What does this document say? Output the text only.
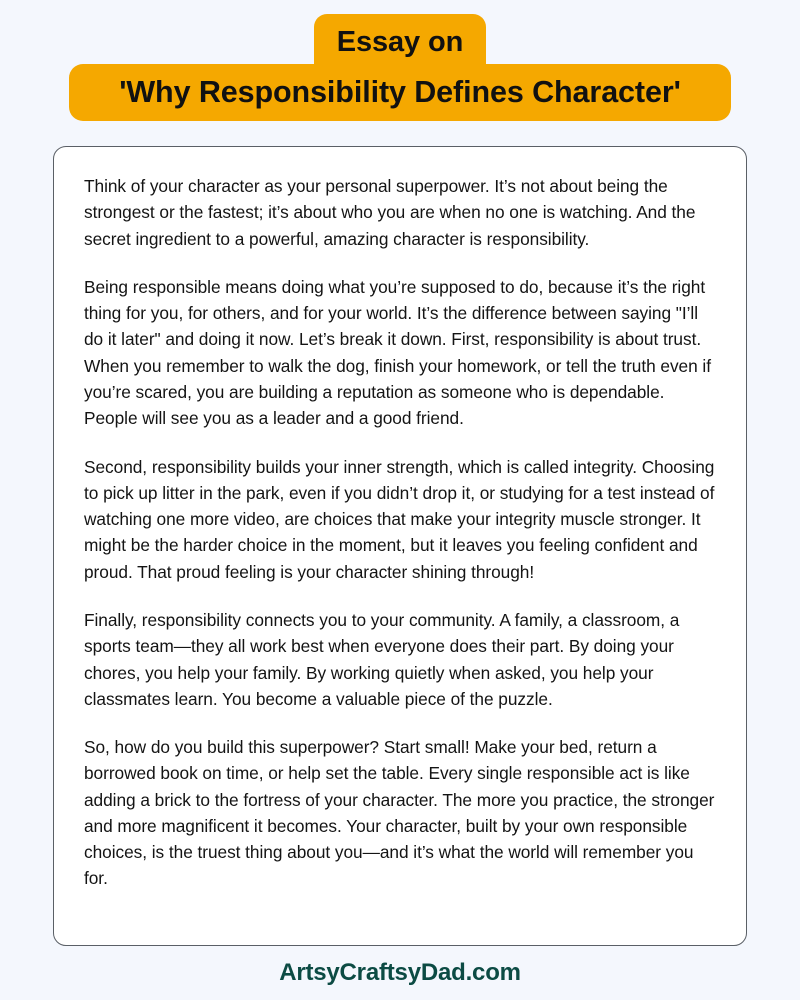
Essay on
'Why Responsibility Defines Character'

Think of your character as your personal superpower. It’s not about being the strongest or the fastest; it’s about who you are when no one is watching. And the secret ingredient to a powerful, amazing character is responsibility.

Being responsible means doing what you’re supposed to do, because it’s the right thing for you, for others, and for your world. It’s the difference between saying "I’ll do it later" and doing it now. Let’s break it down. First, responsibility is about trust. When you remember to walk the dog, finish your homework, or tell the truth even if you’re scared, you are building a reputation as someone who is dependable. People will see you as a leader and a good friend.

Second, responsibility builds your inner strength, which is called integrity. Choosing to pick up litter in the park, even if you didn’t drop it, or studying for a test instead of watching one more video, are choices that make your integrity muscle stronger. It might be the harder choice in the moment, but it leaves you feeling confident and proud. That proud feeling is your character shining through!

Finally, responsibility connects you to your community. A family, a classroom, a sports team—they all work best when everyone does their part. By doing your chores, you help your family. By working quietly when asked, you help your classmates learn. You become a valuable piece of the puzzle.

So, how do you build this superpower? Start small! Make your bed, return a borrowed book on time, or help set the table. Every single responsible act is like adding a brick to the fortress of your character. The more you practice, the stronger and more magnificent it becomes. Your character, built by your own responsible choices, is the truest thing about you—and it’s what the world will remember you for.

ArtsyCraftsyDad.com
